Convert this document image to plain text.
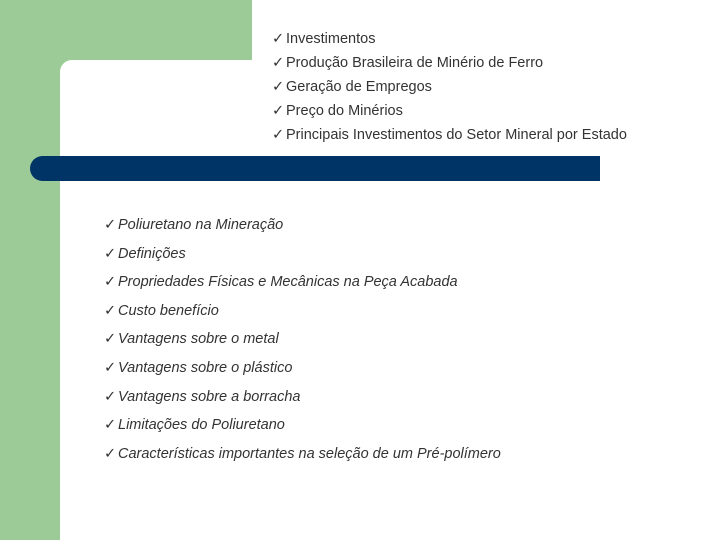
✓ Investimentos
✓ Produção Brasileira de Minério de Ferro
✓ Geração de Empregos
✓ Preço do Minérios
✓ Principais Investimentos do Setor Mineral por Estado
✓ Poliuretano na Mineração
✓ Definições
✓ Propriedades Físicas e Mecânicas na Peça Acabada
✓ Custo benefício
✓ Vantagens sobre o metal
✓ Vantagens sobre o plástico
✓ Vantagens sobre a borracha
✓ Limitações do Poliuretano
✓ Características importantes na seleção de um Pré-polímero
